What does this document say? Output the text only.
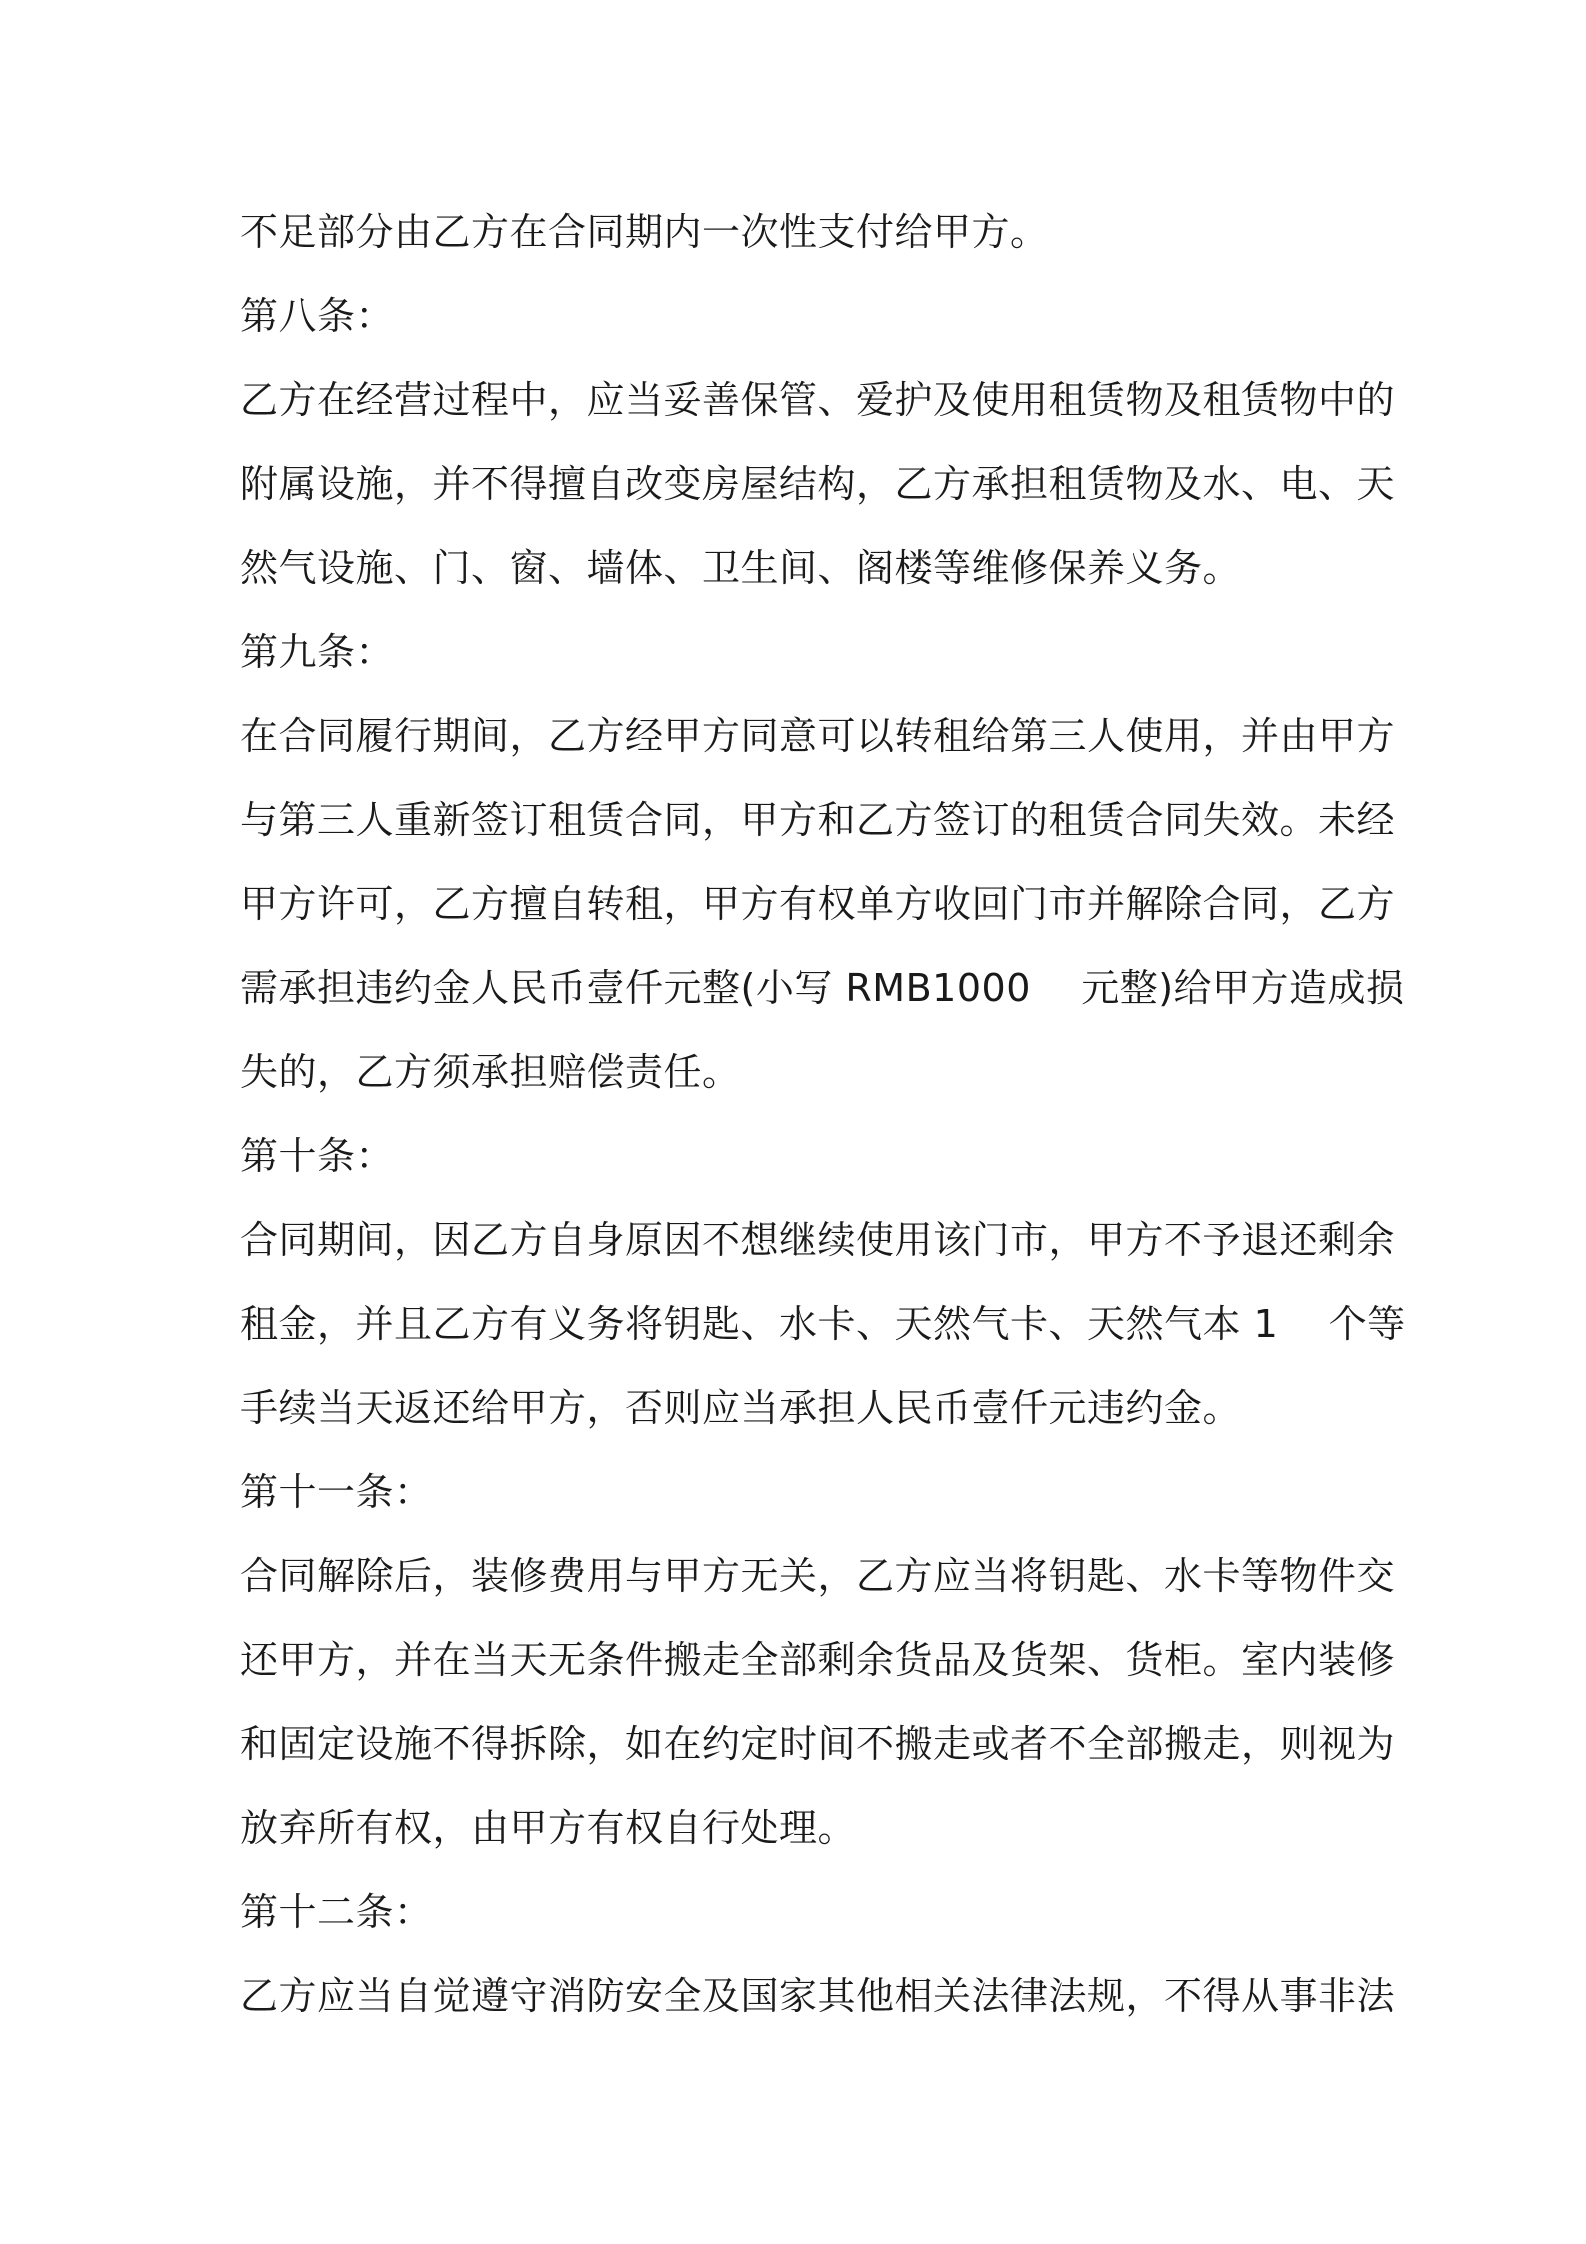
不足部分由乙方在合同期内一次性支付给甲方。
第八条：
乙方在经营过程中，应当妥善保管、爱护及使用租赁物及租赁物中的
附属设施，并不得擅自改变房屋结构，乙方承担租赁物及水、电、天
然气设施、门、窗、墙体、卫生间、阁楼等维修保养义务。
第九条：
在合同履行期间，乙方经甲方同意可以转租给第三人使用，并由甲方
与第三人重新签订租赁合同，甲方和乙方签订的租赁合同失效。未经
甲方许可，乙方擅自转租，甲方有权单方收回门市并解除合同，乙方
需承担违约金人民币壹仟元整(小写 RMB1000    元整)给甲方造成损
失的，乙方须承担赔偿责任。
第十条：
合同期间，因乙方自身原因不想继续使用该门市，甲方不予退还剩余
租金，并且乙方有义务将钥匙、水卡、天然气卡、天然气本 1    个等
手续当天返还给甲方，否则应当承担人民币壹仟元违约金。
第十一条：
合同解除后，装修费用与甲方无关，乙方应当将钥匙、水卡等物件交
还甲方，并在当天无条件搬走全部剩余货品及货架、货柜。室内装修
和固定设施不得拆除，如在约定时间不搬走或者不全部搬走，则视为
放弃所有权，由甲方有权自行处理。
第十二条：
乙方应当自觉遵守消防安全及国家其他相关法律法规，不得从事非法
